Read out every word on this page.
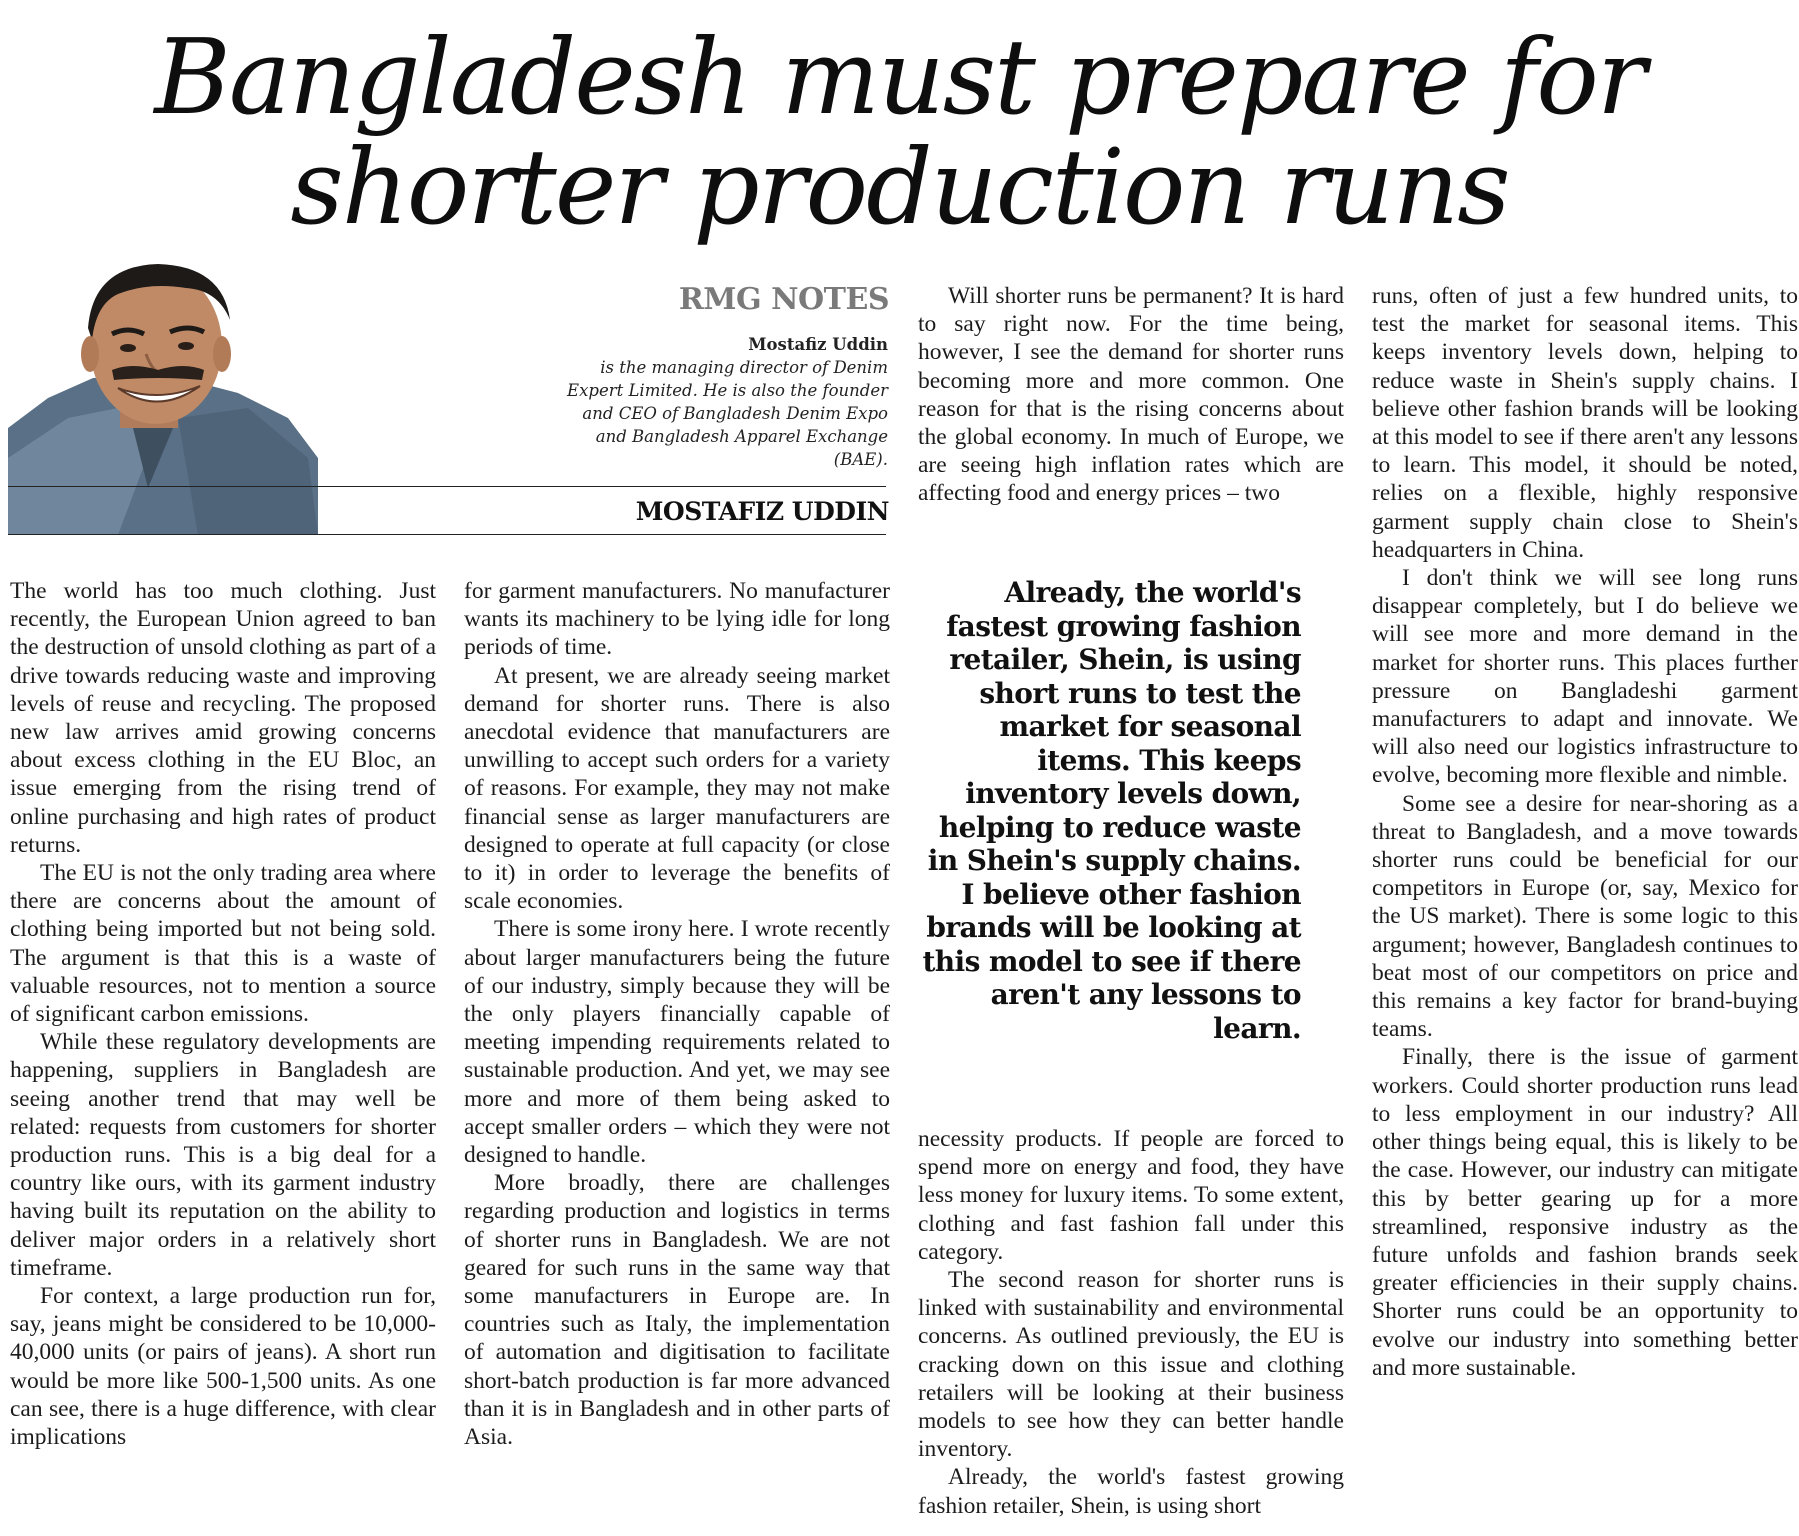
Bangladesh must prepare for shorter production runs
RMG NOTES
Mostafiz Uddin
is the managing director of Denim Expert Limited. He is also the founder and CEO of Bangladesh Denim Expo and Bangladesh Apparel Exchange (BAE).
MOSTAFIZ UDDIN

The world has too much clothing. Just recently, the European Union agreed to ban the destruction of unsold clothing as part of a drive towards reducing waste and improving levels of reuse and recycling. The proposed new law arrives amid growing concerns about excess clothing in the EU Bloc, an issue emerging from the rising trend of online purchasing and high rates of product returns.

The EU is not the only trading area where there are concerns about the amount of clothing being imported but not being sold. The argument is that this is a waste of valuable resources, not to mention a source of significant carbon emissions.

While these regulatory developments are happening, suppliers in Bangladesh are seeing another trend that may well be related: requests from customers for shorter production runs. This is a big deal for a country like ours, with its garment industry having built its reputation on the ability to deliver major orders in a relatively short timeframe.

For context, a large production run for, say, jeans might be considered to be 10,000-40,000 units (or pairs of jeans). A short run would be more like 500-1,500 units. As one can see, there is a huge difference, with clear implications

for garment manufacturers. No manufacturer wants its machinery to be lying idle for long periods of time.

At present, we are already seeing market demand for shorter runs. There is also anecdotal evidence that manufacturers are unwilling to accept such orders for a variety of reasons. For example, they may not make financial sense as larger manufacturers are designed to operate at full capacity (or close to it) in order to leverage the benefits of scale economies.

There is some irony here. I wrote recently about larger manufacturers being the future of our industry, simply because they will be the only players financially capable of meeting impending requirements related to sustainable production. And yet, we may see more and more of them being asked to accept smaller orders – which they were not designed to handle.

More broadly, there are challenges regarding production and logistics in terms of shorter runs in Bangladesh. We are not geared for such runs in the same way that some manufacturers in Europe are. In countries such as Italy, the implementation of automation and digitisation to facilitate short-batch production is far more advanced than it is in Bangladesh and in other parts of Asia.

Will shorter runs be permanent? It is hard to say right now. For the time being, however, I see the demand for shorter runs becoming more and more common. One reason for that is the rising concerns about the global economy. In much of Europe, we are seeing high inflation rates which are affecting food and energy prices – two

Already, the world's fastest growing fashion retailer, Shein, is using short runs to test the market for seasonal items. This keeps inventory levels down, helping to reduce waste in Shein's supply chains. I believe other fashion brands will be looking at this model to see if there aren't any lessons to learn.

necessity products. If people are forced to spend more on energy and food, they have less money for luxury items. To some extent, clothing and fast fashion fall under this category.

The second reason for shorter runs is linked with sustainability and environmental concerns. As outlined previously, the EU is cracking down on this issue and clothing retailers will be looking at their business models to see how they can better handle inventory.

Already, the world's fastest growing fashion retailer, Shein, is using short

runs, often of just a few hundred units, to test the market for seasonal items. This keeps inventory levels down, helping to reduce waste in Shein's supply chains. I believe other fashion brands will be looking at this model to see if there aren't any lessons to learn. This model, it should be noted, relies on a flexible, highly responsive garment supply chain close to Shein's headquarters in China.

I don't think we will see long runs disappear completely, but I do believe we will see more and more demand in the market for shorter runs. This places further pressure on Bangladeshi garment manufacturers to adapt and innovate. We will also need our logistics infrastructure to evolve, becoming more flexible and nimble.

Some see a desire for near-shoring as a threat to Bangladesh, and a move towards shorter runs could be beneficial for our competitors in Europe (or, say, Mexico for the US market). There is some logic to this argument; however, Bangladesh continues to beat most of our competitors on price and this remains a key factor for brand-buying teams.

Finally, there is the issue of garment workers. Could shorter production runs lead to less employment in our industry? All other things being equal, this is likely to be the case. However, our industry can mitigate this by better gearing up for a more streamlined, responsive industry as the future unfolds and fashion brands seek greater efficiencies in their supply chains. Shorter runs could be an opportunity to evolve our industry into something better and more sustainable.
